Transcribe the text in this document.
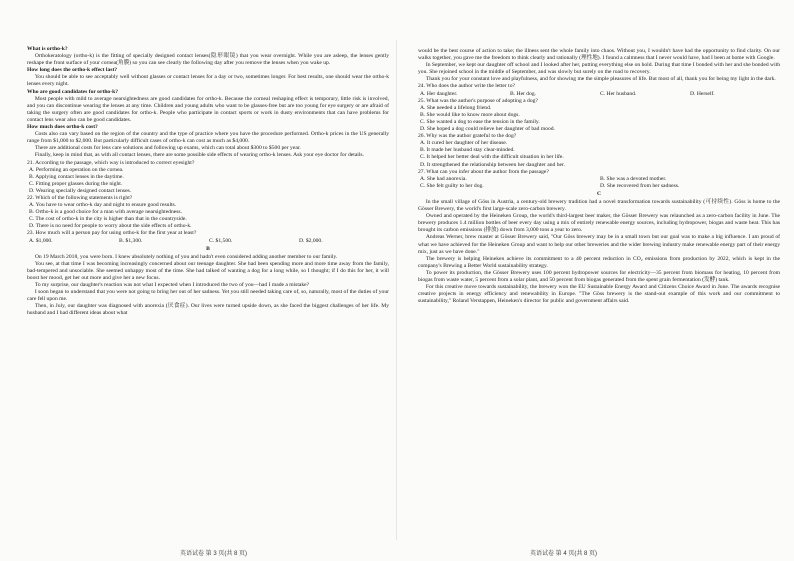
What is ortho-k?

Orthokeratology (ortho-k) is the fitting of specially designed contact lenses(隐形眼镜) that you wear overnight. While you are asleep, the lenses gently reshape the front surface of your cornea(角膜) so you can see clearly the following day after you remove the lenses when you wake up.

How long does the ortho-k effect last?

You should be able to see acceptably well without glasses or contact lenses for a day or two, sometimes longer. For best results, one should wear the ortho-k lenses every night.

Who are good candidates for ortho-k?

Most people with mild to average nearsightedness are good candidates for ortho-k. Because the corneal reshaping effect is temporary, little risk is involved, and you can discontinue wearing the lenses at any time. Children and young adults who want to be glasses-free but are too young for eye surgery or are afraid of taking the surgery often are good candidates for ortho-k. People who participate in contact sports or work in dusty environments that can have problems for contact lens wear also can be good candidates.

How much does ortho-k cost?

Costs also can vary based on the region of the country and the type of practice where you have the procedure performed. Ortho-k prices in the US generally range from $1,000 to $2,000. But particularly difficult cases of ortho-k can cost as much as $4,000.

There are additional costs for lens care solutions and following up exams, which can total about $300 to $500 per year.

Finally, keep in mind that, as with all contact lenses, there are some possible side effects of wearing ortho-k lenses. Ask your eye doctor for details.

21. According to the passage, which way is introduced to correct eyesight?
A. Performing an operation on the cornea.
B. Applying contact lenses in the daytime.
C. Fitting proper glasses during the night.
D. Wearing specially designed contact lenses.
22. Which of the following statements is right?
A. You have to wear ortho-k day and night to ensure good results.
B. Ortho-k is a good choice for a man with average nearsightedness.
C. The cost of ortho-k in the city is higher than that in the countryside.
D. There is no need for people to worry about the side effects of ortho-k.
23. How much will a person pay for using ortho-k for the first year at least?
A. $1,000.	B. $1,300.	C. $1,500.	D. $2,000.
B

On 19 March 2018, you were born. I knew absolutely nothing of you and hadn't even considered adding another member to our family.

You see, at that time I was becoming increasingly concerned about our teenage daughter. She had been spending more and more time away from the family, bad-tempered and unsociable. She seemed unhappy most of the time. She had talked of wanting a dog for a long while, so I thought; if I do this for her, it will boost her mood, get her out more and give her a new focus.

To my surprise, our daughter's reaction was not what I expected when I introduced the two of you—had I made a mistake?

I soon began to understand that you were not going to bring her out of her sadness. Yet you still needed taking care of, so, naturally, most of the duties of your care fell upon me.

Then, in July, our daughter was diagnosed with anorexia (厌食症). Our lives were turned upside down, as she faced the biggest challenges of her life. My husband and I had different ideas about what

would be the best course of action to take; the illness sent the whole family into chaos. Without you, I wouldn't have had the opportunity to find clarity. On our walks together, you gave me the freedom to think clearly and rationally (理性地). I found a calmness that I never would have, had I been at home with Google.

In September, we kept our daughter off school and I looked after her, putting everything else on hold. During that time I bonded with her and she bonded with you. She rejoined school in the middle of September, and was slowly but surely on the road to recovery.

Thank you for your constant love and playfulness, and for showing me the simple pleasures of life. But most of all, thank you for being my light in the dark.

24. Who does the author write the letter to?
A. Her daughter.	B. Her dog.	C. Her husband.	D. Herself.
25. What was the author's purpose of adopting a dog?
A. She needed a lifelong friend.
B. She would like to know more about dogs.
C. She wanted a dog to ease the tension in the family.
D. She hoped a dog could relieve her daughter of bad mood.
26. Why was the author grateful to the dog?
A. It cured her daughter of her disease.
B. It made her husband stay clear-minded.
C. It helped her better deal with the difficult situation in her life.
D. It strengthened the relationship between her daughter and her.
27. What can you infer about the author from the passage?
A. She had anorexia.	B. She was a devoted mother.
C. She felt guilty to her dog.	D. She recovered from her sadness.
C

In the small village of Göss in Austria, a century-old brewery tradition had a novel transformation towards sustainability (可持续性). Göss is home to the Gösser Brewery, the world's first large-scale zero-carbon brewery.

Owned and operated by the Heineken Group, the world's third-largest beer maker, the Gösser Brewery was relaunched as a zero-carbon facility in June. The brewery produces 1.4 million bottles of beer every day using a mix of entirely renewable energy sources, including hydropower, biogas and waste heat. This has brought its carbon emissions (排放) down from 3,000 tons a year to zero.

Andreas Werner, brew master at Gösser Brewery said, "Our Göss brewery may be in a small town but our goal was to make a big influence. I am proud of what we have achieved for the Heineken Group and want to help our other breweries and the wider brewing industry make renewable energy part of their energy mix, just as we have done."

The brewery is helping Heineken achieve its commitment to a 40 percent reduction in CO₂ emissions from production by 2022, which is kept in the company's Brewing a Better World sustainability strategy.

To power its production, the Gösser Brewery uses 100 percent hydropower sources for electricity—35 percent from biomass for heating, 10 percent from biogas from waste water, 5 percent from a solar plant, and 50 percent from biogas generated from the spent grain fermentation (发酵) tank.

For this creative move towards sustainability, the brewery won the EU Sustainable Energy Award and Citizens Choice Award in June. The awards recognise creative projects in energy efficiency and renewability in Europe. "The Göss brewery is the stand-out example of this work and our commitment to sustainability," Roland Verstappen, Heineken's director for public and government affairs said.

英语试卷 第 3 页(共 8 页)	英语试卷 第 4 页(共 8 页)
